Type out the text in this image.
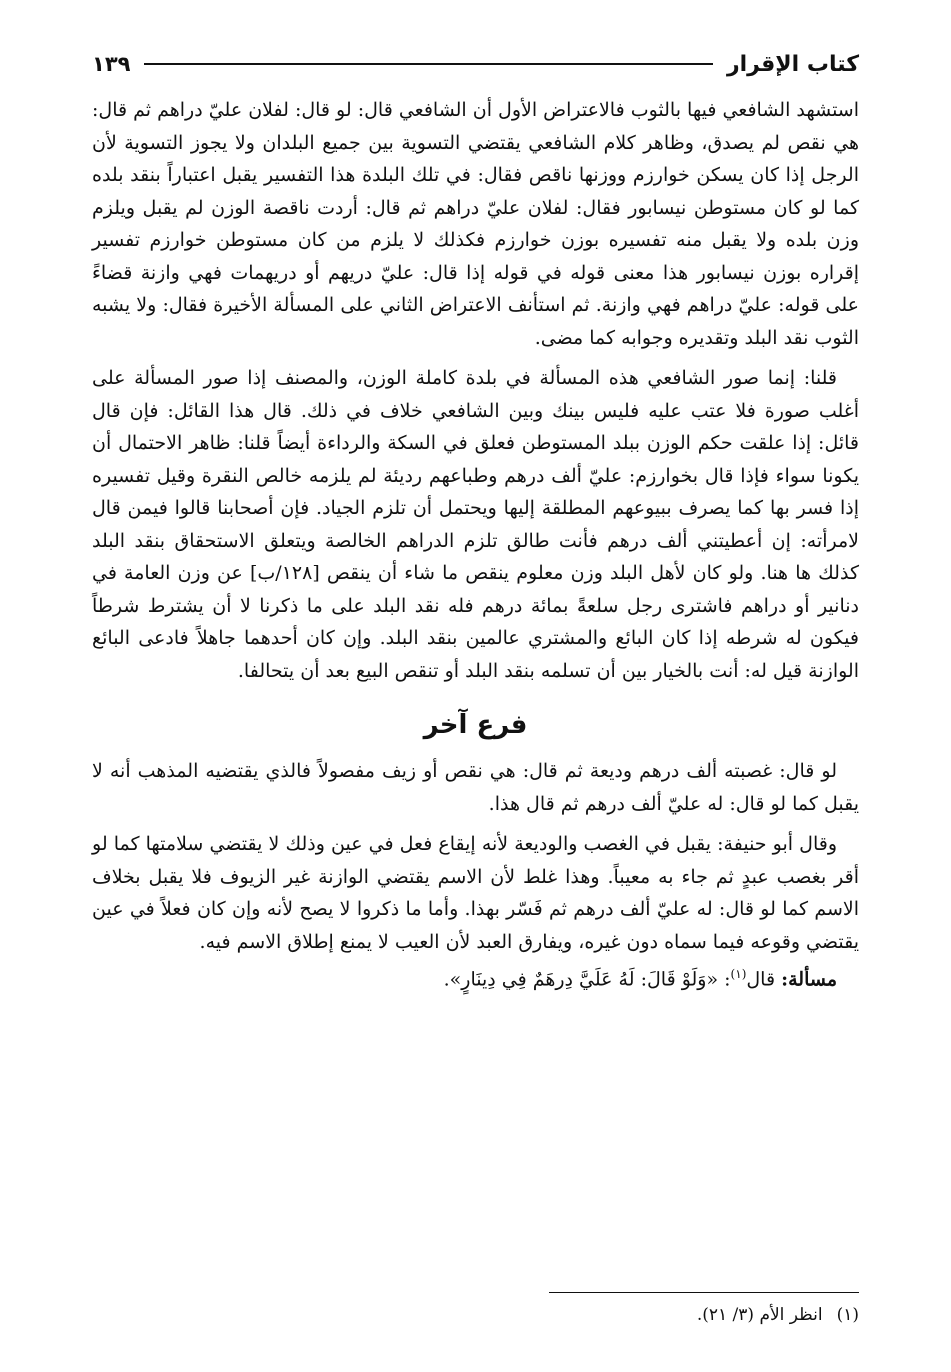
كتاب الإقرار
١٣٩

استشهد الشافعي فيها بالثوب فالاعتراض الأول أن الشافعي قال: لو قال: لفلان عليّ دراهم ثم قال: هي نقص لم يصدق، وظاهر كلام الشافعي يقتضي التسوية بين جميع البلدان ولا يجوز التسوية لأن الرجل إذا كان يسكن خوارزم ووزنها ناقص فقال: في تلك البلدة هذا التفسير يقبل اعتباراً بنقد بلده كما لو كان مستوطن نيسابور فقال: لفلان عليّ دراهم ثم قال: أردت ناقصة الوزن لم يقبل ويلزم وزن بلده ولا يقبل منه تفسيره بوزن خوارزم فكذلك لا يلزم من كان مستوطن خوارزم تفسير إقراره بوزن نيسابور هذا معنى قوله في قوله إذا قال: عليّ دريهم أو دريهمات فهي وازنة قضاءً على قوله: عليّ دراهم فهي وازنة. ثم استأنف الاعتراض الثاني على المسألة الأخيرة فقال: ولا يشبه الثوب نقد البلد وتقديره وجوابه كما مضى.

قلنا: إنما صور الشافعي هذه المسألة في بلدة كاملة الوزن، والمصنف إذا صور المسألة على أغلب صورة فلا عتب عليه فليس بينك وبين الشافعي خلاف في ذلك. قال هذا القائل: فإن قال قائل: إذا علقت حكم الوزن ببلد المستوطن فعلق في السكة والرداءة أيضاً قلنا: ظاهر الاحتمال أن يكونا سواء فإذا قال بخوارزم: عليّ ألف درهم وطباعهم رديئة لم يلزمه خالص النقرة وقيل تفسيره إذا فسر بها كما يصرف ببيوعهم المطلقة إليها ويحتمل أن تلزم الجياد. فإن أصحابنا قالوا فيمن قال لامرأته: إن أعطيتني ألف درهم فأنت طالق تلزم الدراهم الخالصة ويتعلق الاستحقاق بنقد البلد كذلك ها هنا. ولو كان لأهل البلد وزن معلوم ينقص ما شاء أن ينقص [١٢٨/ب] عن وزن العامة في دنانير أو دراهم فاشترى رجل سلعةً بمائة درهم فله نقد البلد على ما ذكرنا لا أن يشترط شرطاً فيكون له شرطه إذا كان البائع والمشتري عالمين بنقد البلد. وإن كان أحدهما جاهلاً فادعى البائع الوازنة قيل له: أنت بالخيار بين أن تسلمه بنقد البلد أو تنقص البيع بعد أن يتحالفا.

فرع آخر

لو قال: غصبته ألف درهم وديعة ثم قال: هي نقص أو زيف مفصولاً فالذي يقتضيه المذهب أنه لا يقبل كما لو قال: له عليّ ألف درهم ثم قال هذا.

وقال أبو حنيفة: يقبل في الغصب والوديعة لأنه إيقاع فعل في عين وذلك لا يقتضي سلامتها كما لو أقر بغصب عبدٍ ثم جاء به معيباً. وهذا غلط لأن الاسم يقتضي الوازنة غير الزيوف فلا يقبل بخلاف الاسم كما لو قال: له عليّ ألف درهم ثم فَسّر بهذا. وأما ما ذكروا لا يصح لأنه وإن كان فعلاً في عين يقتضي وقوعه فيما سماه دون غيره، ويفارق العبد لأن العيب لا يمنع إطلاق الاسم فيه.

مسألة: قال$^{(١)}$: «وَلَوْ قَالَ: لَهُ عَلَيَّ دِرهَمٌ فِي دِينَارٍ».

(١)انظر الأم (٣/ ٢١).
